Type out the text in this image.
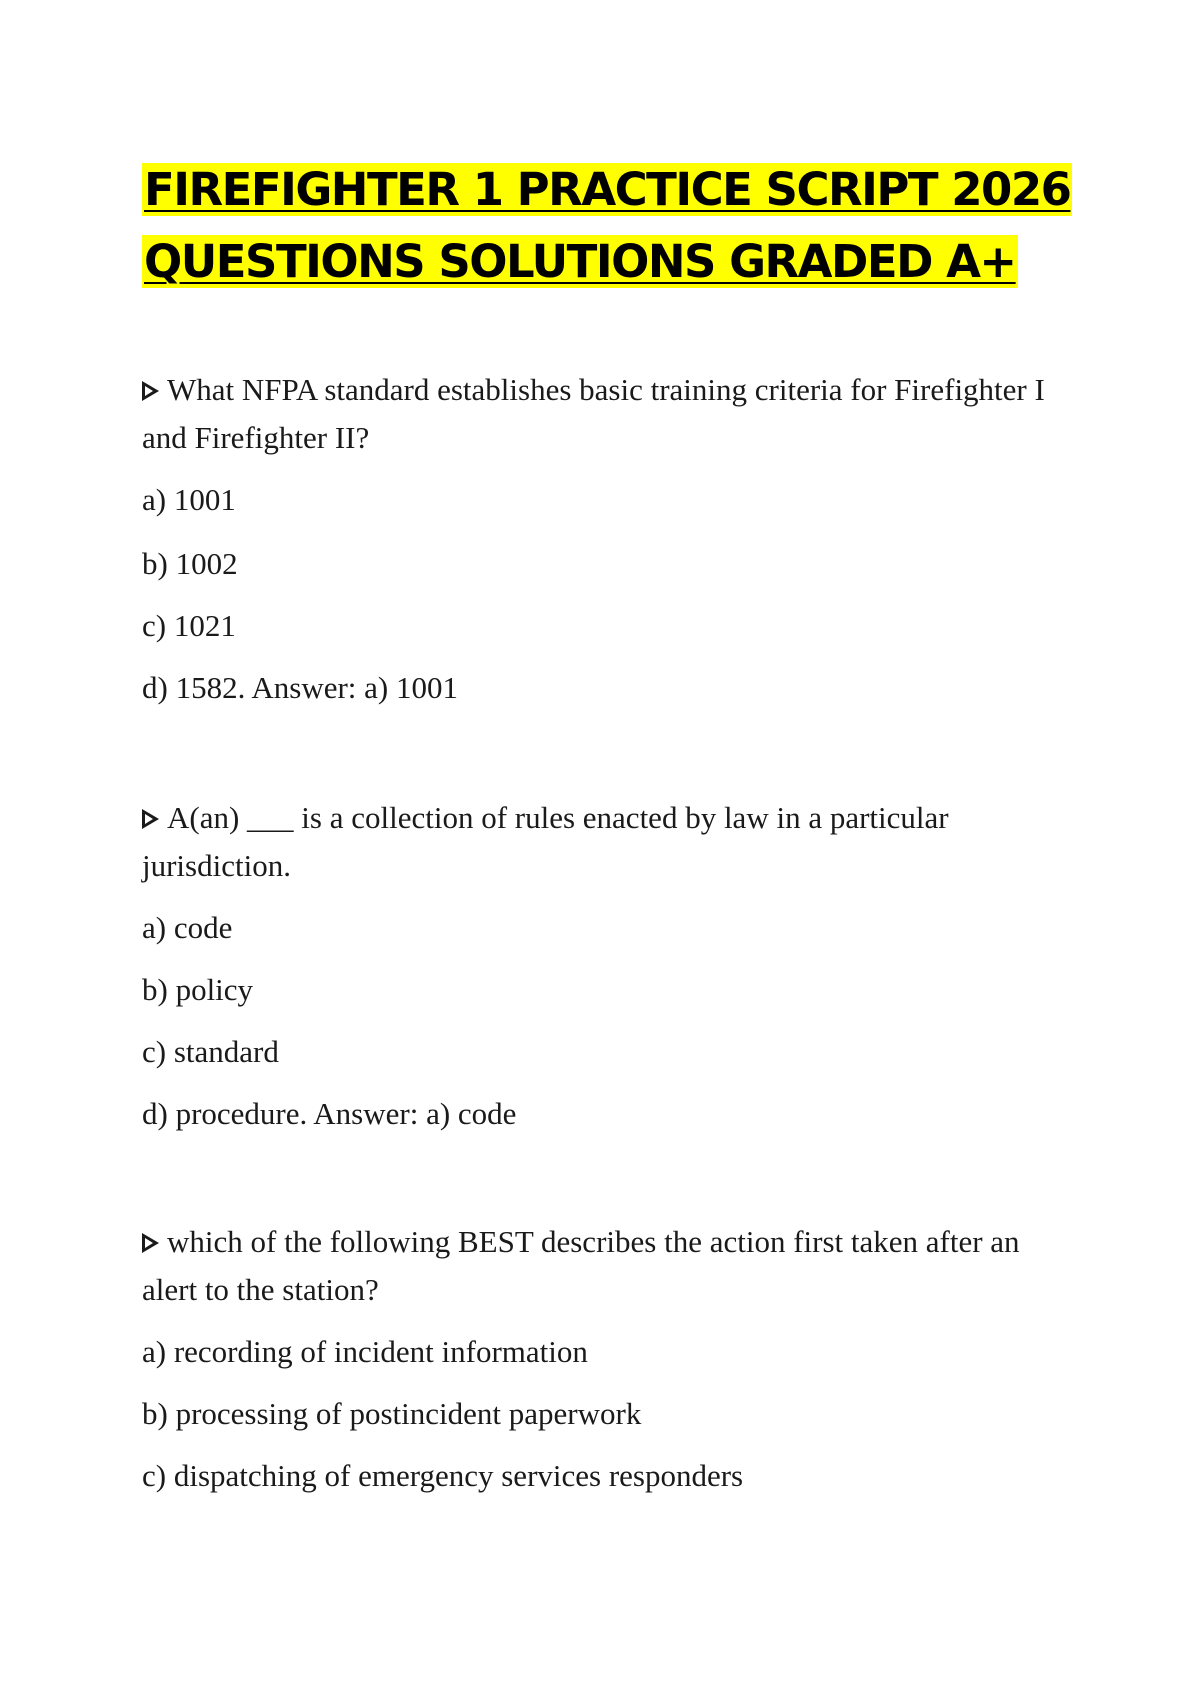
FIREFIGHTER 1 PRACTICE SCRIPT 2026
QUESTIONS SOLUTIONS GRADED A+

What NFPA standard establishes basic training criteria for Firefighter I and Firefighter II?

a) 1001

b) 1002

c) 1021

d) 1582. Answer: a) 1001

A(an) ___ is a collection of rules enacted by law in a particular jurisdiction.

a) code

b) policy

c) standard

d) procedure. Answer: a) code

which of the following BEST describes the action first taken after an alert to the station?

a) recording of incident information

b) processing of postincident paperwork

c) dispatching of emergency services responders
